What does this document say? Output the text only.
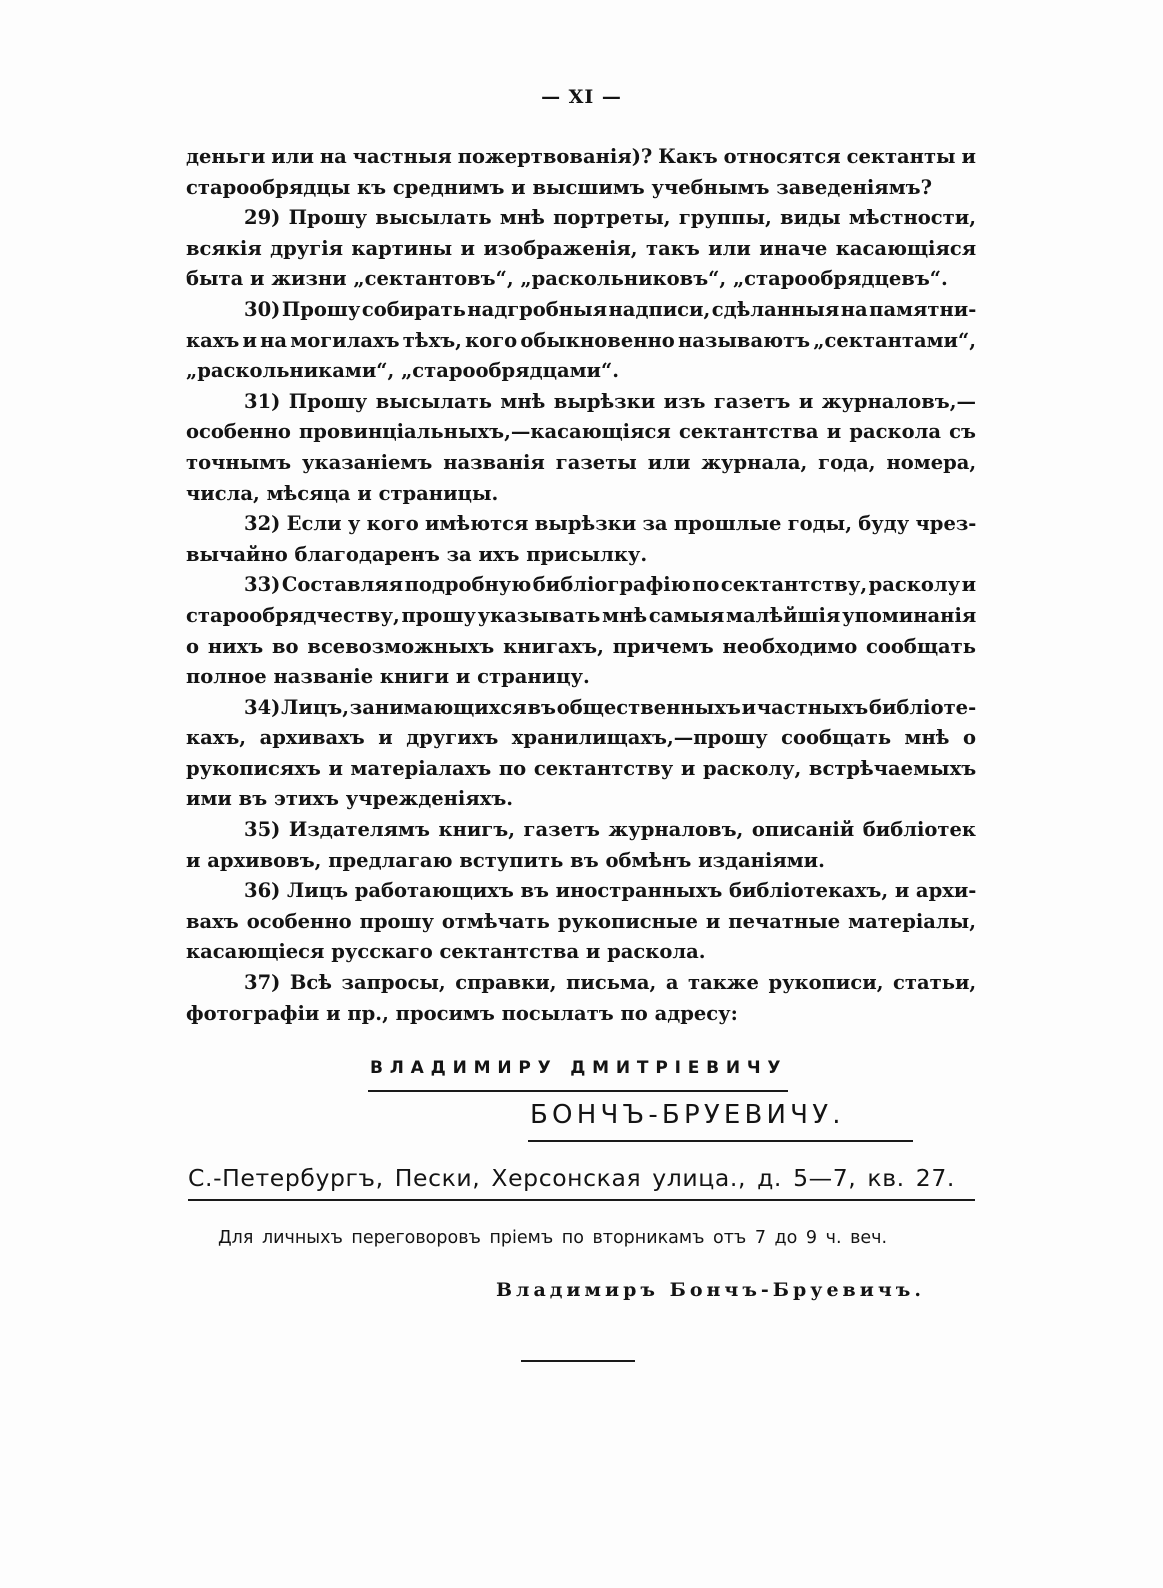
— XI —
деньги или на частныя пожертвованія)? Какъ относятся сектанты и
старообрядцы къ среднимъ и высшимъ учебнымъ заведеніямъ?
29) Прошу высылать мнѣ портреты, группы, виды мѣстности,
всякія другія картины и изображенія, такъ или иначе касающіяся
быта и жизни „сектантовъ“, „раскольниковъ“, „старообрядцевъ“.
30) Прошу собирать надгробныя надписи, сдѣланныя на памятни-
кахъ и на могилахъ тѣхъ, кого обыкновенно называютъ „сектантами“,
„раскольниками“, „старообрядцами“.
31) Прошу высылать мнѣ вырѣзки изъ газетъ и журналовъ,—
особенно провинціальныхъ,—касающіяся сектантства и раскола съ
точнымъ указаніемъ названія газеты или журнала, года, номера,
числа, мѣсяца и страницы.
32) Если у кого имѣются вырѣзки за прошлые годы, буду чрез-
вычайно благодаренъ за ихъ присылку.
33) Составляя подробную библіографію по сектантству, расколу и
старообрядчеству, прошу указывать мнѣ самыя малѣйшія упоминанія
о нихъ во всевозможныхъ книгахъ, причемъ необходимо сообщать
полное названіе книги и страницу.
34) Лицъ, занимающихся въ общественныхъ и частныхъ библіоте-
кахъ, архивахъ и другихъ хранилищахъ,—прошу сообщать мнѣ о
рукописяхъ и матеріалахъ по сектантству и расколу, встрѣчаемыхъ
ими въ этихъ учрежденіяхъ.
35) Издателямъ книгъ, газетъ журналовъ, описаній библіотек
и архивовъ, предлагаю вступить въ обмѣнъ изданіями.
36) Лицъ работающихъ въ иностранныхъ библіотекахъ, и архи-
вахъ особенно прошу отмѣчать рукописные и печатные матеріалы,
касающіеся русскаго сектантства и раскола.
37) Всѣ запросы, справки, письма, а также рукописи, статьи,
фотографіи и пр., просимъ посылатъ по адресу:
ВЛАДИМИРУ ДМИТРІЕВИЧУ
БОНЧЪ-БРУЕВИЧУ.
С.-Петербургъ, Пески, Херсонская улица., д. 5—7, кв. 27.
Для личныхъ переговоровъ пріемъ по вторникамъ отъ 7 до 9 ч. веч.
Владимиръ Бончъ-Бруевичъ.
